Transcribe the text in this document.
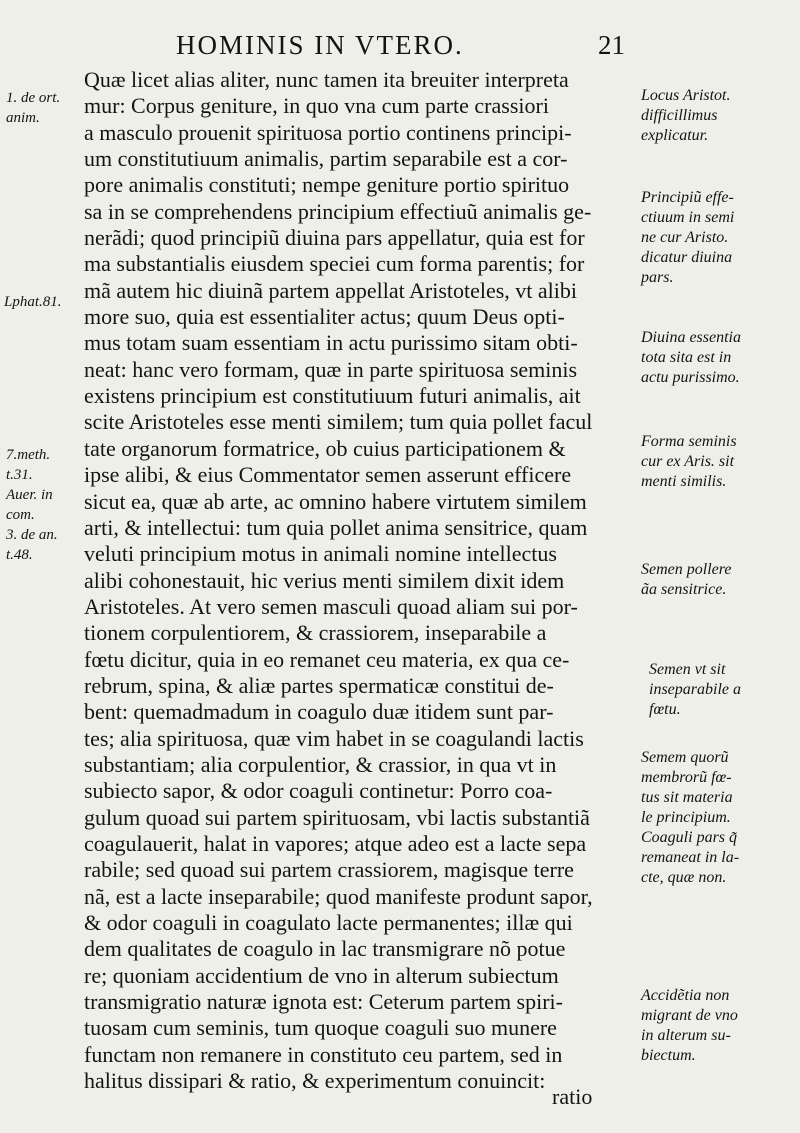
HOMINIS IN VTERO.	21
Quæ licet alias aliter, nunc tamen ita breuiter interpreta
mur: Corpus geniture, in quo vna cum parte crassiori
a masculo prouenit spirituosa portio continens principi-
um constitutiuum animalis, partim separabile est a cor-
pore animalis constituti; nempe geniture portio spirituo
sa in se comprehendens principium effectiuũ animalis ge-
nerãdi; quod principiũ diuina pars appellatur, quia est for
ma substantialis eiusdem speciei cum forma parentis; for
mã autem hic diuinã partem appellat Aristoteles, vt alibi
more suo, quia est essentialiter actus; quum Deus opti-
mus totam suam essentiam in actu purissimo sitam obti-
neat: hanc vero formam, quæ in parte spirituosa seminis
existens principium est constitutiuum futuri animalis, ait
scite Aristoteles esse menti similem; tum quia pollet facul
tate organorum formatrice, ob cuius participationem &
ipse alibi, & eius Commentator semen asserunt efficere
sicut ea, quæ ab arte, ac omnino habere virtutem similem
arti, & intellectui: tum quia pollet anima sensitrice, quam
veluti principium motus in animali nomine intellectus
alibi cohonestauit, hic verius menti similem dixit idem
Aristoteles. At vero semen masculi quoad aliam sui por-
tionem corpulentiorem, & crassiorem, inseparabile a
fœtu dicitur, quia in eo remanet ceu materia, ex qua ce-
rebrum, spina, & aliæ partes spermaticæ constitui de-
bent: quemadmadum in coagulo duæ itidem sunt par-
tes; alia spirituosa, quæ vim habet in se coagulandi lactis
substantiam; alia corpulentior, & crassior, in qua vt in
subiecto sapor, & odor coaguli continetur: Porro coa-
gulum quoad sui partem spirituosam, vbi lactis substantiã
coagulauerit, halat in vapores; atque adeo est a lacte sepa
rabile; sed quoad sui partem crassiorem, magisque terre
nã, est a lacte inseparabile; quod manifeste produnt sapor,
& odor coaguli in coagulato lacte permanentes; illæ qui
dem qualitates de coagulo in lac transmigrare nõ potue
re; quoniam accidentium de vno in alterum subiectum
transmigratio naturæ ignota est: Ceterum partem spiri-
tuosam cum seminis, tum quoque coaguli suo munere
functam non remanere in constituto ceu partem, sed in
halitus dissipari & ratio, & experimentum conuincit:
1. de ort.
anim.
Lphat.81.
7.meth.
t.31.
Auer. in
com.
3. de an.
t.48.
Locus Aristot.
difficillimus
explicatur.
Principiũ effe-
ctiuum in semi
ne cur Aristo.
dicatur diuina
pars.
Diuina essentia
tota sita est in
actu purissimo.
Forma seminis
cur ex Aris. sit
menti similis.
Semen pollere
ãa sensitrice.
Semen vt sit
inseparabile a
fœtu.
Semem quorũ
membrorũ fœ-
tus sit materia
le principium.
Coaguli pars q̃
remaneat in la-
cte, quæ non.
Accidẽtia non
migrant de vno
in alterum su-
biectum.
ratio
